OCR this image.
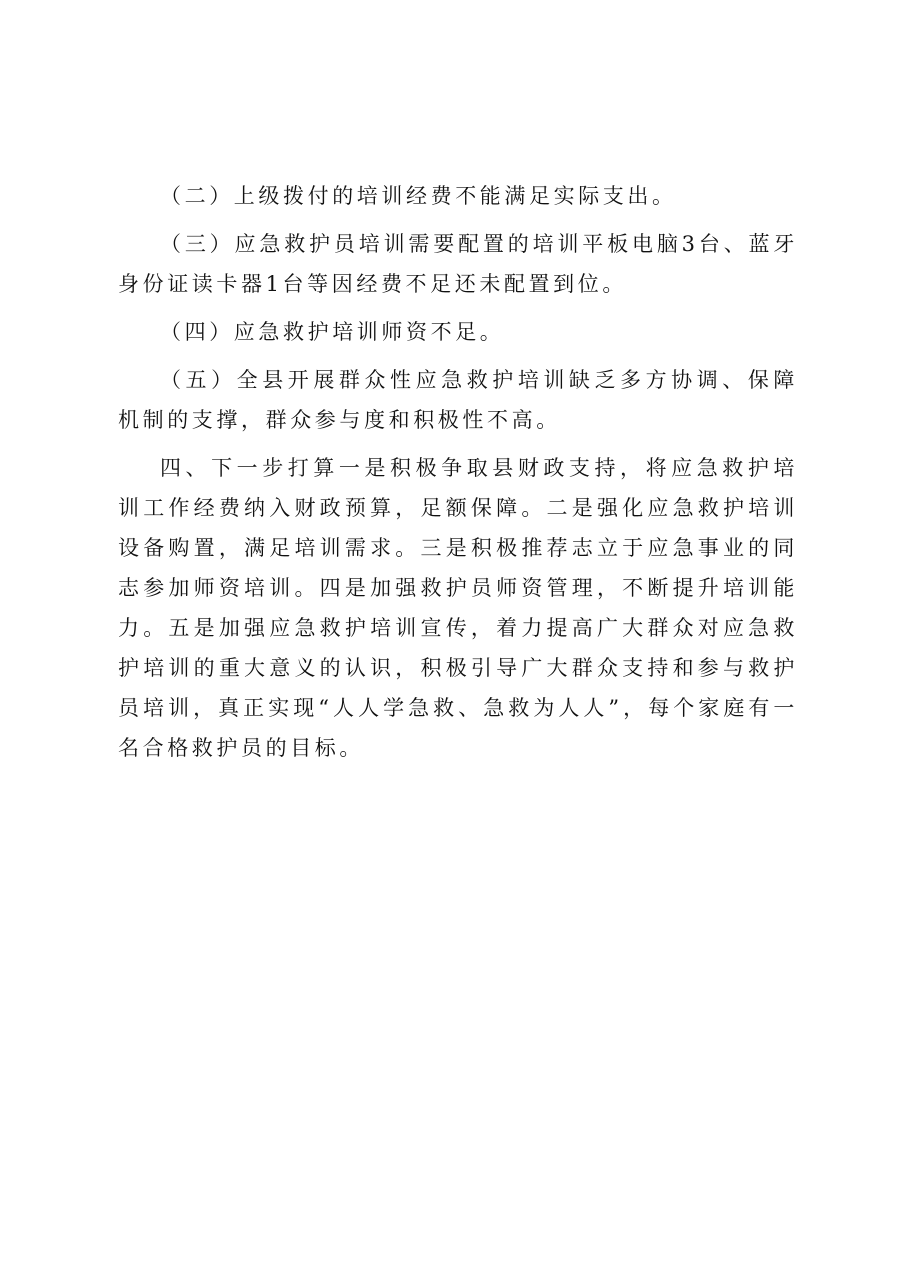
（二）上级拨付的培训经费不能满足实际支出。

（三）应急救护员培训需要配置的培训平板电脑3台、蓝牙身份证读卡器1台等因经费不足还未配置到位。

（四）应急救护培训师资不足。

（五）全县开展群众性应急救护培训缺乏多方协调、保障机制的支撑，群众参与度和积极性不高。

四、下一步打算一是积极争取县财政支持，将应急救护培训工作经费纳入财政预算，足额保障。二是强化应急救护培训设备购置，满足培训需求。三是积极推荐志立于应急事业的同志参加师资培训。四是加强救护员师资管理，不断提升培训能力。五是加强应急救护培训宣传，着力提高广大群众对应急救护培训的重大意义的认识，积极引导广大群众支持和参与救护员培训，真正实现“人人学急救、急救为人人”，每个家庭有一名合格救护员的目标。
